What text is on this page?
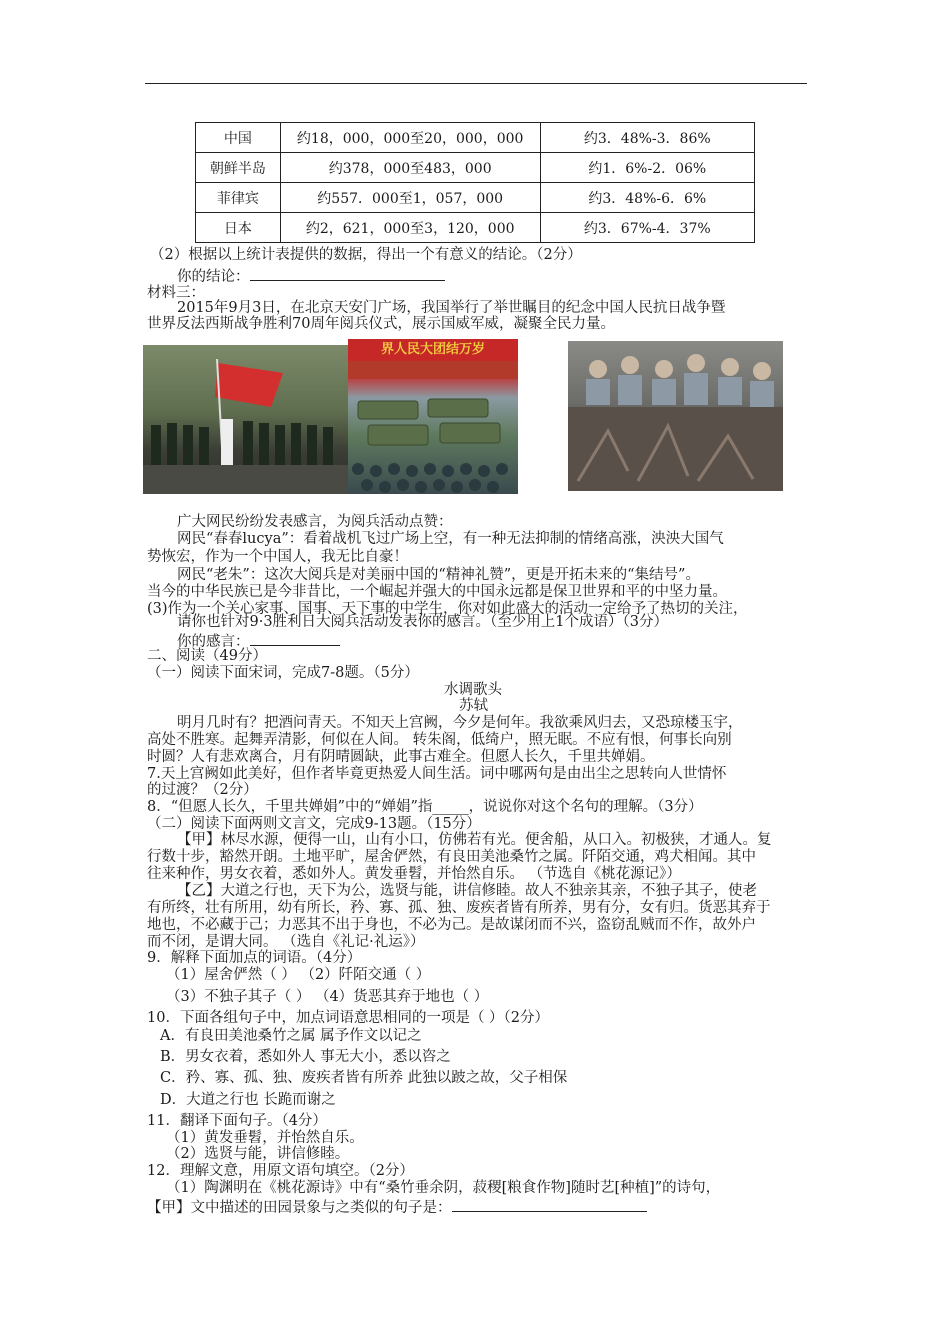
中国	约18，000，000至20，000，000	约3．48%-3．86%
朝鲜半岛	约378，000至483，000	约1．6%-2．06%
菲律宾	约557．000至1，057，000	约3．48%-6．6%
日本	约2，621，000至3，120，000	约3．67%-4．37%
界人民大团结万岁
（2）根据以上统计表提供的数据，得出一个有意义的结论。（2分）
你的结论：
材料三：
2015年9月3日，在北京天安门广场，我国举行了举世瞩目的纪念中国人民抗日战争暨
世界反法西斯战争胜利70周年阅兵仪式，展示国威军威，凝聚全民力量。
广大网民纷纷发表感言，为阅兵活动点赞：
网民“春春lucya”：看着战机飞过广场上空，有一种无法抑制的情绪高涨，泱泱大国气
势恢宏，作为一个中国人，我无比自豪！
网民“老朱”：这次大阅兵是对美丽中国的“精神礼赞”，更是开拓未来的“集结号”。
当今的中华民族已是今非昔比，一个崛起并强大的中国永远都是保卫世界和平的中坚力量。
(3)作为一个关心家事、国事、天下事的中学生，你对如此盛大的活动一定给予了热切的关注，
请你也针对9·3胜利日大阅兵活动发表你的感言。（至少用上1个成语）（3分）
你的感言：
二、阅读（49分）
（一）阅读下面宋词，完成7-8题。（5分）
水调歌头
苏轼
明月几时有？把酒问青天。不知天上宫阙，今夕是何年。我欲乘风归去，又恐琼楼玉宇，
高处不胜寒。起舞弄清影，何似在人间。 转朱阁，低绮户，照无眠。不应有恨，何事长向别
时圆？人有悲欢离合，月有阴晴圆缺，此事古难全。但愿人长久，千里共婵娟。
7.天上宫阙如此美好，但作者毕竟更热爱人间生活。词中哪两句是由出尘之思转向人世情怀
的过渡？（2分）
8．“但愿人长久，千里共婵娟”中的“婵娟”指_____，说说你对这个名句的理解。（3分）
（二）阅读下面两则文言文，完成9-13题。（15分）
【甲】林尽水源，便得一山，山有小口，仿佛若有光。便舍船，从口入。初极狭，才通人。复
行数十步，豁然开朗。土地平旷，屋舍俨然，有良田美池桑竹之属。阡陌交通，鸡犬相闻。其中
往来种作，男女衣着，悉如外人。黄发垂髫，并怡然自乐。 （节选自《桃花源记》）
【乙】大道之行也，天下为公，选贤与能，讲信修睦。故人不独亲其亲，不独子其子，使老
有所终，壮有所用，幼有所长，矜、寡、孤、独、废疾者皆有所养，男有分，女有归。货恶其弃于
地也，不必藏于己；力恶其不出于身也，不必为己。是故谋闭而不兴，盗窃乱贼而不作，故外户
而不闭，是谓大同。 （选自《礼记·礼运》）
9．解释下面加点的词语。（4分）
（1）屋舍俨然（ ） （2）阡陌交通（ ）
（3）不独子其子（ ） （4）货恶其弃于地也（ ）
10．下面各组句子中，加点词语意思相同的一项是（ ）（2分）
A．有良田美池桑竹之属 属予作文以记之
B．男女衣着，悉如外人 事无大小，悉以咨之
C．矜、寡、孤、独、废疾者皆有所养 此独以跛之故，父子相保
D．大道之行也 长跪而谢之
11．翻译下面句子。（4分）
（1）黄发垂髫，并怡然自乐。
（2）选贤与能，讲信修睦。
12．理解文意，用原文语句填空。（2分）
（1）陶渊明在《桃花源诗》中有“桑竹垂余阴，菽稷[粮食作物]随时艺[种植]”的诗句，
【甲】文中描述的田园景象与之类似的句子是：
